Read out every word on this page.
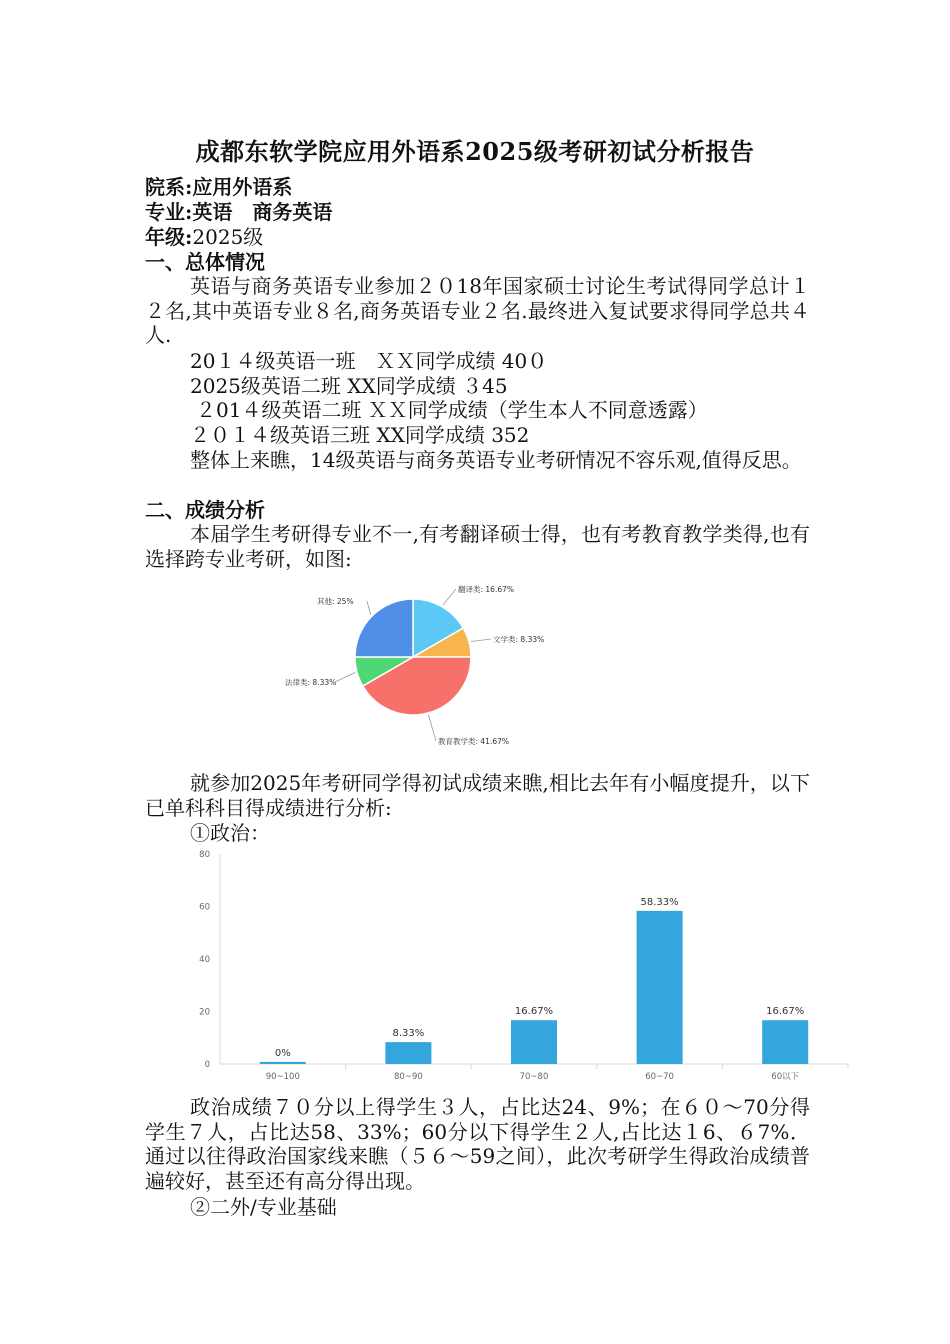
成都东软学院应用外语系2025级考研初试分析报告
院系:应用外语系
专业:英语　商务英语
年级:2025级
一、总体情况
英语与商务英语专业参加２０18年国家硕士讨论生考试得同学总计１２名,其中英语专业８名,商务英语专业２名.最终进入复试要求得同学总共４人.
20１４级英语一班　ＸＸ同学成绩 40０
2025级英语二班 XX同学成绩 ３45
２01４级英语二班 ＸＸ同学成绩（学生本人不同意透露）
２０１４级英语三班 XX同学成绩 352
整体上来瞧，14级英语与商务英语专业考研情况不容乐观,值得反思。
二、成绩分析
本届学生考研得专业不一,有考翻译硕士得，也有考教育教学类得,也有选择跨专业考研，如图:
翻译类: 16.67%
文学类: 8.33%
教育教学类: 41.67%
法律类: 8.33%
其他: 25%
就参加2025年考研同学得初试成绩来瞧,相比去年有小幅度提升，以下已单科科目得成绩进行分析:
①政治：
0
20
40
60
80
0%
90~100
8.33%
80~90
16.67%
70~80
58.33%
60~70
16.67%
60以下
政治成绩７０分以上得学生３人，占比达24、9%；在６０～70分得学生７人，占比达58、33%；60分以下得学生２人,占比达１6、６7%．通过以往得政治国家线来瞧（５６～59之间），此次考研学生得政治成绩普遍较好，甚至还有高分得出现。
②二外/专业基础
